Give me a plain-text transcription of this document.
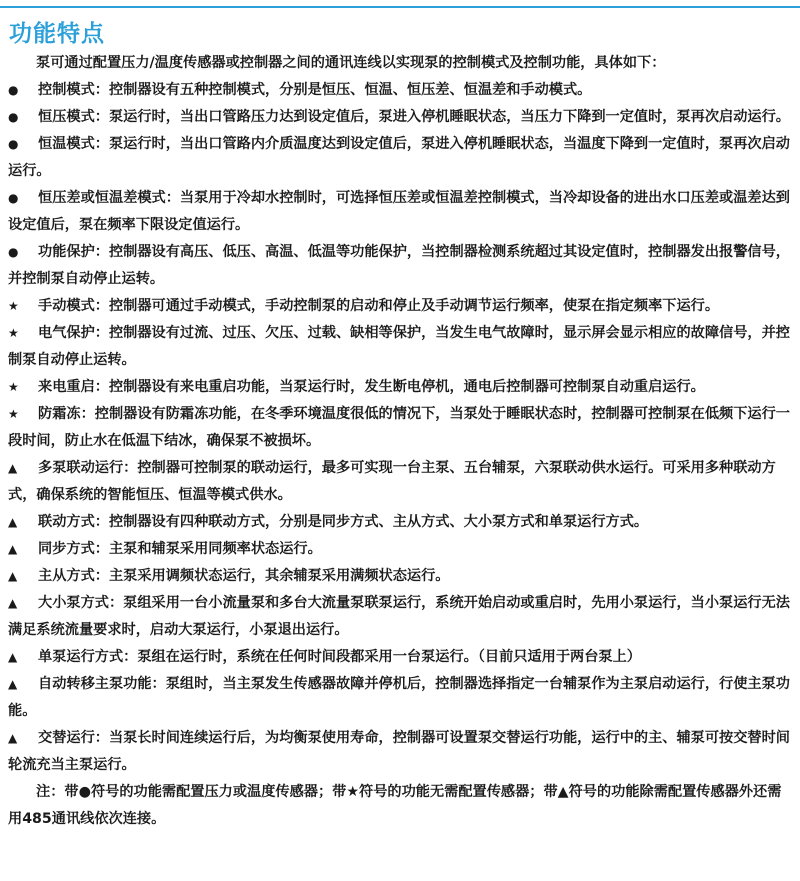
功能特点

泵可通过配置压力/温度传感器或控制器之间的通讯连线以实现泵的控制模式及控制功能，具体如下：

● 控制模式：控制器设有五种控制模式，分别是恒压、恒温、恒压差、恒温差和手动模式。

● 恒压模式：泵运行时，当出口管路压力达到设定值后，泵进入停机睡眠状态，当压力下降到一定值时，泵再次启动运行。

● 恒温模式：泵运行时，当出口管路内介质温度达到设定值后，泵进入停机睡眠状态，当温度下降到一定值时，泵再次启动运行。

● 恒压差或恒温差模式：当泵用于冷却水控制时，可选择恒压差或恒温差控制模式，当冷却设备的进出水口压差或温差达到设定值后，泵在频率下限设定值运行。

● 功能保护：控制器设有高压、低压、高温、低温等功能保护，当控制器检测系统超过其设定值时，控制器发出报警信号，并控制泵自动停止运转。

★ 手动模式：控制器可通过手动模式，手动控制泵的启动和停止及手动调节运行频率，使泵在指定频率下运行。

★ 电气保护：控制器设有过流、过压、欠压、过载、缺相等保护，当发生电气故障时，显示屏会显示相应的故障信号，并控制泵自动停止运转。

★ 来电重启：控制器设有来电重启功能，当泵运行时，发生断电停机，通电后控制器可控制泵自动重启运行。

★ 防霜冻：控制器设有防霜冻功能，在冬季环境温度很低的情况下，当泵处于睡眠状态时，控制器可控制泵在低频下运行一段时间，防止水在低温下结冰，确保泵不被损坏。

▲ 多泵联动运行：控制器可控制泵的联动运行，最多可实现一台主泵、五台辅泵，六泵联动供水运行。可采用多种联动方式，确保系统的智能恒压、恒温等模式供水。

▲ 联动方式：控制器设有四种联动方式，分别是同步方式、主从方式、大小泵方式和单泵运行方式。

▲ 同步方式：主泵和辅泵采用同频率状态运行。

▲ 主从方式：主泵采用调频状态运行，其余辅泵采用满频状态运行。

▲ 大小泵方式：泵组采用一台小流量泵和多台大流量泵联泵运行，系统开始启动或重启时，先用小泵运行，当小泵运行无法满足系统流量要求时，启动大泵运行，小泵退出运行。

▲ 单泵运行方式：泵组在运行时，系统在任何时间段都采用一台泵运行。（目前只适用于两台泵上）

▲ 自动转移主泵功能：泵组时，当主泵发生传感器故障并停机后，控制器选择指定一台辅泵作为主泵启动运行，行使主泵功能。

▲ 交替运行：当泵长时间连续运行后，为均衡泵使用寿命，控制器可设置泵交替运行功能，运行中的主、辅泵可按交替时间轮流充当主泵运行。

注：带●符号的功能需配置压力或温度传感器；带★符号的功能无需配置传感器；带▲符号的功能除需配置传感器外还需用485通讯线依次连接。
